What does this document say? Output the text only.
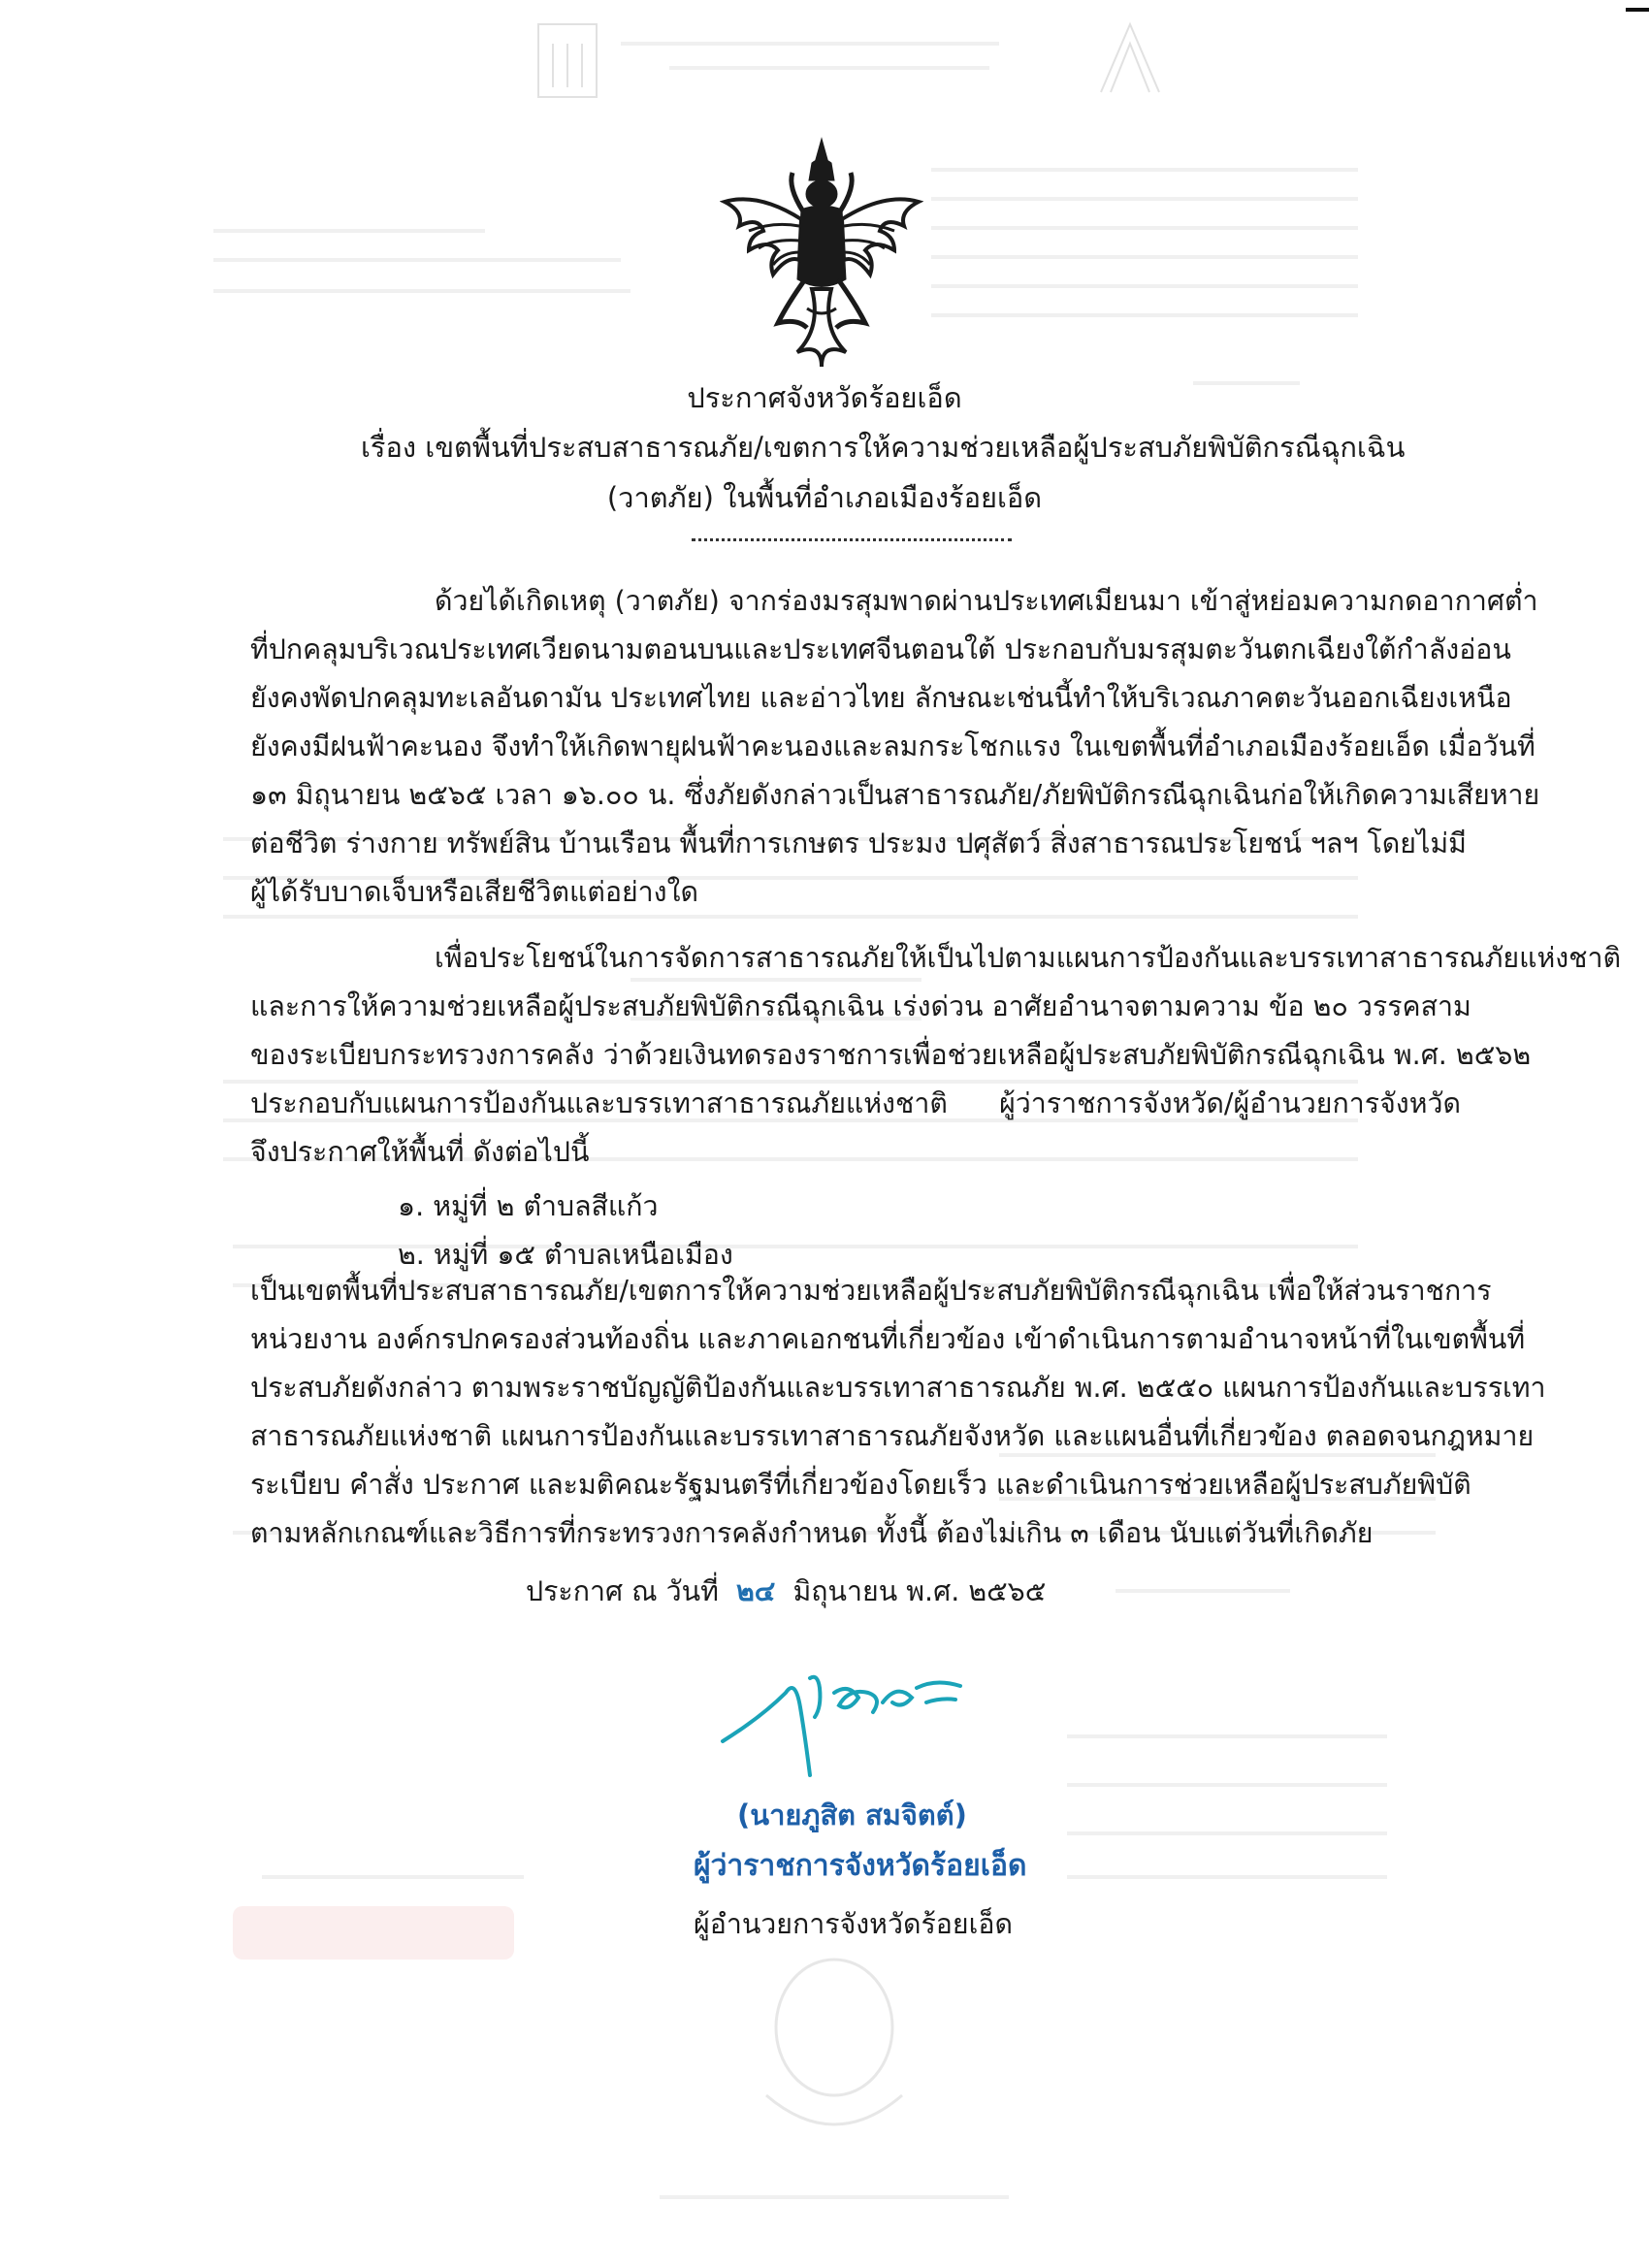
ประกาศจังหวัดร้อยเอ็ด
เรื่อง เขตพื้นที่ประสบสาธารณภัย/เขตการให้ความช่วยเหลือผู้ประสบภัยพิบัติกรณีฉุกเฉิน
(วาตภัย) ในพื้นที่อำเภอเมืองร้อยเอ็ด
ด้วยได้เกิดเหตุ (วาตภัย) จากร่องมรสุมพาดผ่านประเทศเมียนมา เข้าสู่หย่อมความกดอากาศต่ำ
ที่ปกคลุมบริเวณประเทศเวียดนามตอนบนและประเทศจีนตอนใต้ ประกอบกับมรสุมตะวันตกเฉียงใต้กำลังอ่อน
ยังคงพัดปกคลุมทะเลอันดามัน ประเทศไทย และอ่าวไทย ลักษณะเช่นนี้ทำให้บริเวณภาคตะวันออกเฉียงเหนือ
ยังคงมีฝนฟ้าคะนอง จึงทำให้เกิดพายุฝนฟ้าคะนองและลมกระโชกแรง ในเขตพื้นที่อำเภอเมืองร้อยเอ็ด เมื่อวันที่
๑๓ มิถุนายน ๒๕๖๕ เวลา ๑๖.๐๐ น. ซึ่งภัยดังกล่าวเป็นสาธารณภัย/ภัยพิบัติกรณีฉุกเฉินก่อให้เกิดความเสียหาย
ต่อชีวิต ร่างกาย ทรัพย์สิน บ้านเรือน พื้นที่การเกษตร ประมง ปศุสัตว์ สิ่งสาธารณประโยชน์ ฯลฯ โดยไม่มี
ผู้ได้รับบาดเจ็บหรือเสียชีวิตแต่อย่างใด
เพื่อประโยชน์ในการจัดการสาธารณภัยให้เป็นไปตามแผนการป้องกันและบรรเทาสาธารณภัยแห่งชาติ
และการให้ความช่วยเหลือผู้ประสบภัยพิบัติกรณีฉุกเฉิน เร่งด่วน อาศัยอำนาจตามความ ข้อ ๒๐ วรรคสาม
ของระเบียบกระทรวงการคลัง ว่าด้วยเงินทดรองราชการเพื่อช่วยเหลือผู้ประสบภัยพิบัติกรณีฉุกเฉิน พ.ศ. ๒๕๖๒
ประกอบกับแผนการป้องกันและบรรเทาสาธารณภัยแห่งชาติ ผู้ว่าราชการจังหวัด/ผู้อำนวยการจังหวัด
จึงประกาศให้พื้นที่ ดังต่อไปนี้
๑. หมู่ที่ ๒ ตำบลสีแก้ว
๒. หมู่ที่ ๑๕ ตำบลเหนือเมือง
เป็นเขตพื้นที่ประสบสาธารณภัย/เขตการให้ความช่วยเหลือผู้ประสบภัยพิบัติกรณีฉุกเฉิน เพื่อให้ส่วนราชการ
หน่วยงาน องค์กรปกครองส่วนท้องถิ่น และภาคเอกชนที่เกี่ยวข้อง เข้าดำเนินการตามอำนาจหน้าที่ในเขตพื้นที่
ประสบภัยดังกล่าว ตามพระราชบัญญัติป้องกันและบรรเทาสาธารณภัย พ.ศ. ๒๕๕๐ แผนการป้องกันและบรรเทา
สาธารณภัยแห่งชาติ แผนการป้องกันและบรรเทาสาธารณภัยจังหวัด และแผนอื่นที่เกี่ยวข้อง ตลอดจนกฎหมาย
ระเบียบ คำสั่ง ประกาศ และมติคณะรัฐมนตรีที่เกี่ยวข้องโดยเร็ว และดำเนินการช่วยเหลือผู้ประสบภัยพิบัติ
ตามหลักเกณฑ์และวิธีการที่กระทรวงการคลังกำหนด ทั้งนี้ ต้องไม่เกิน ๓ เดือน นับแต่วันที่เกิดภัย
ประกาศ ณ วันที่ ๒๔ มิถุนายน พ.ศ. ๒๕๖๕
(นายภูสิต สมจิตต์)
ผู้ว่าราชการจังหวัดร้อยเอ็ด
ผู้อำนวยการจังหวัดร้อยเอ็ด
